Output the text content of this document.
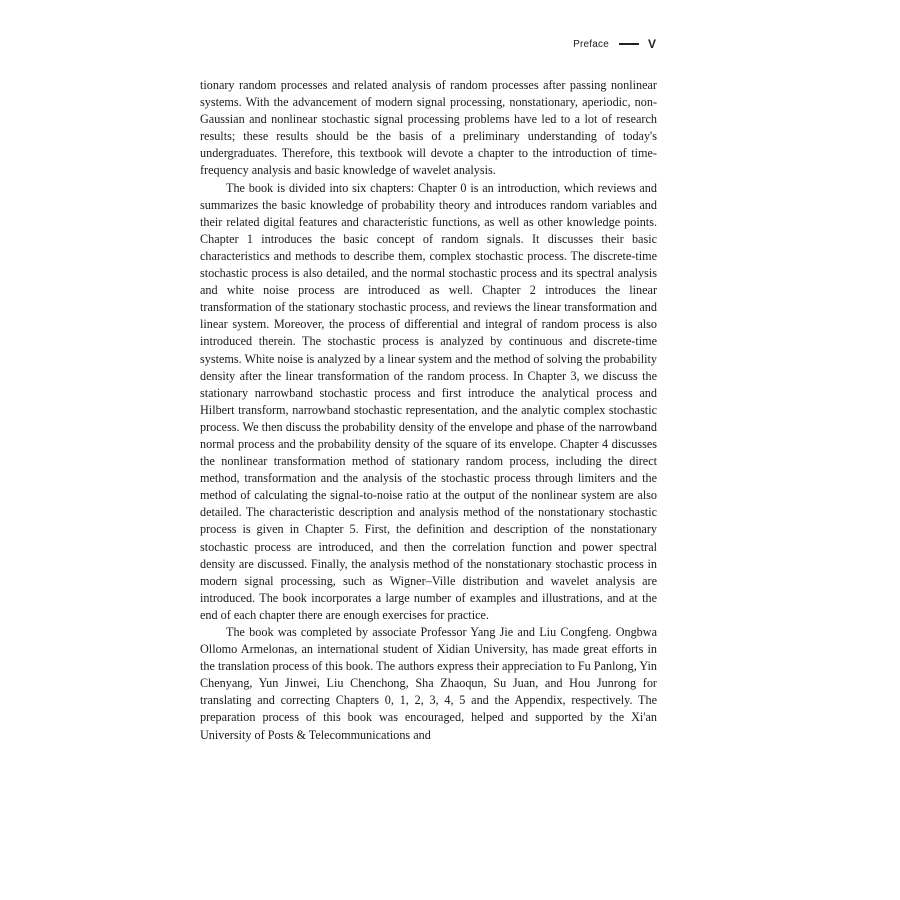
Preface	V

tionary random processes and related analysis of random processes after passing nonlinear systems. With the advancement of modern signal processing, nonstationary, aperiodic, non-Gaussian and nonlinear stochastic signal processing problems have led to a lot of research results; these results should be the basis of a preliminary understanding of today's undergraduates. Therefore, this textbook will devote a chapter to the introduction of time-frequency analysis and basic knowledge of wavelet analysis.

The book is divided into six chapters: Chapter 0 is an introduction, which reviews and summarizes the basic knowledge of probability theory and introduces random variables and their related digital features and characteristic functions, as well as other knowledge points. Chapter 1 introduces the basic concept of random signals. It discusses their basic characteristics and methods to describe them, complex stochastic process. The discrete-time stochastic process is also detailed, and the normal stochastic process and its spectral analysis and white noise process are introduced as well. Chapter 2 introduces the linear transformation of the stationary stochastic process, and reviews the linear transformation and linear system. Moreover, the process of differential and integral of random process is also introduced therein. The stochastic process is analyzed by continuous and discrete-time systems. White noise is analyzed by a linear system and the method of solving the probability density after the linear transformation of the random process. In Chapter 3, we discuss the stationary narrowband stochastic process and first introduce the analytical process and Hilbert transform, narrowband stochastic representation, and the analytic complex stochastic process. We then discuss the probability density of the envelope and phase of the narrowband normal process and the probability density of the square of its envelope. Chapter 4 discusses the nonlinear transformation method of stationary random process, including the direct method, transformation and the analysis of the stochastic process through limiters and the method of calculating the signal-to-noise ratio at the output of the nonlinear system are also detailed. The characteristic description and analysis method of the nonstationary stochastic process is given in Chapter 5. First, the definition and description of the nonstationary stochastic process are introduced, and then the correlation function and power spectral density are discussed. Finally, the analysis method of the nonstationary stochastic process in modern signal processing, such as Wigner–Ville distribution and wavelet analysis are introduced. The book incorporates a large number of examples and illustrations, and at the end of each chapter there are enough exercises for practice.

The book was completed by associate Professor Yang Jie and Liu Congfeng. Ongbwa Ollomo Armelonas, an international student of Xidian University, has made great efforts in the translation process of this book. The authors express their appreciation to Fu Panlong, Yin Chenyang, Yun Jinwei, Liu Chenchong, Sha Zhaoqun, Su Juan, and Hou Junrong for translating and correcting Chapters 0, 1, 2, 3, 4, 5 and the Appendix, respectively. The preparation process of this book was encouraged, helped and supported by the Xi'an University of Posts & Telecommunications and
